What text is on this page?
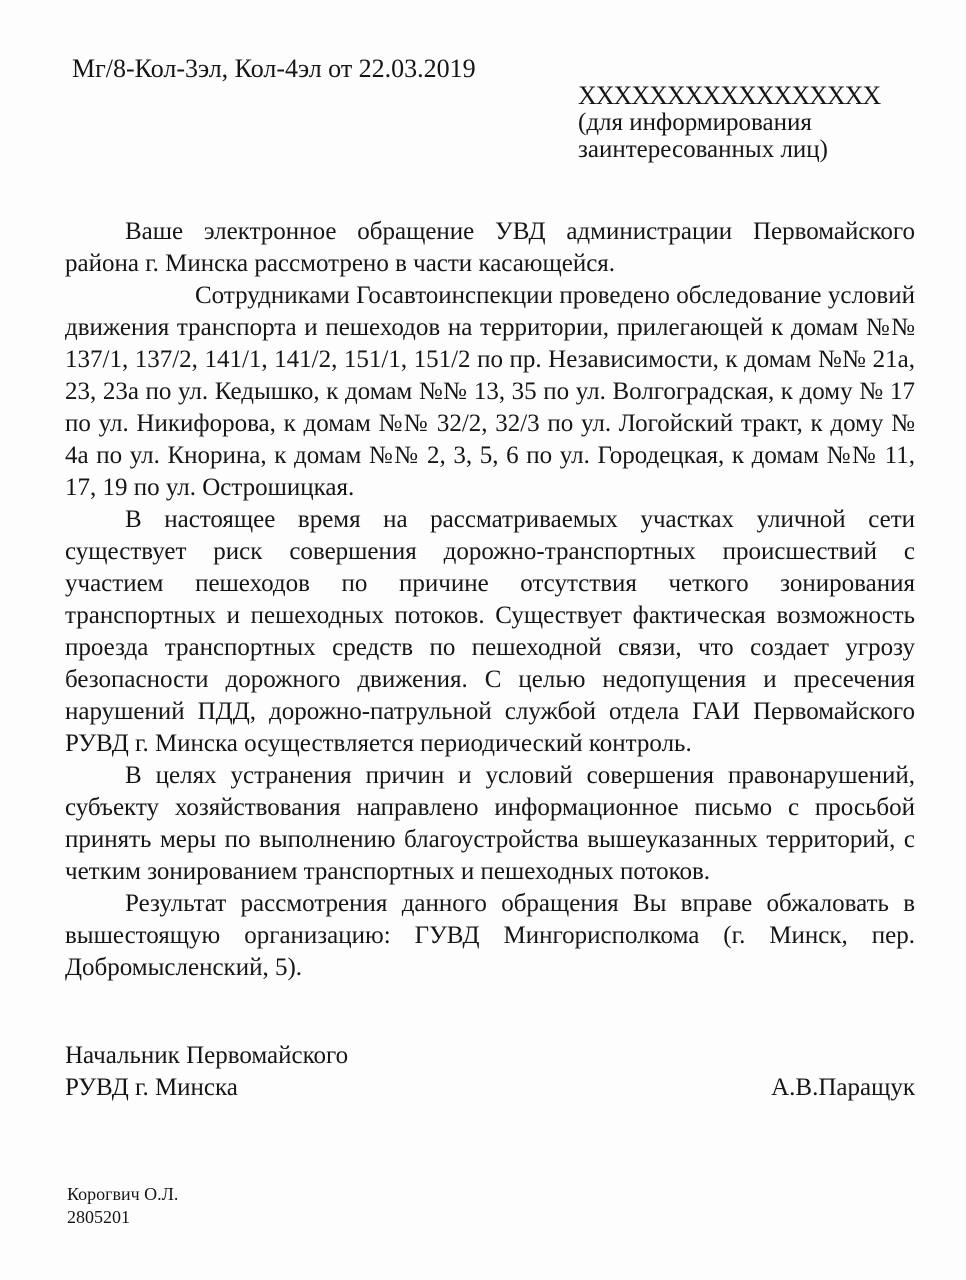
Мг/8-Кол-3эл, Кол-4эл от 22.03.2019
ХХХХХХХХХХХХХХХХХ
(для информирования
заинтересованных лиц)

Ваше электронное обращение УВД администрации Первомайского района г. Минска рассмотрено в части касающейся.

Сотрудниками Госавтоинспекции проведено обследование условий движения транспорта и пешеходов на территории, прилегающей к домам №№ 137/1, 137/2, 141/1, 141/2, 151/1, 151/2 по пр. Независимости, к домам №№ 21а, 23, 23а по ул. Кедышко, к домам №№ 13, 35 по ул. Волгоградская, к дому № 17 по ул. Никифорова, к домам №№ 32/2, 32/3 по ул. Логойский тракт, к дому № 4а по ул. Кнорина, к домам №№ 2, 3, 5, 6 по ул. Городецкая, к домам №№ 11, 17, 19 по ул. Острошицкая.

В настоящее время на рассматриваемых участках уличной сети существует риск совершения дорожно-транспортных происшествий с участием пешеходов по причине отсутствия четкого зонирования транспортных и пешеходных потоков. Существует фактическая возможность проезда транспортных средств по пешеходной связи, что создает угрозу безопасности дорожного движения. С целью недопущения и пресечения нарушений ПДД, дорожно-патрульной службой отдела ГАИ Первомайского РУВД г. Минска осуществляется периодический контроль.

В целях устранения причин и условий совершения правонарушений, субъекту хозяйствования направлено информационное письмо с просьбой принять меры по выполнению благоустройства вышеуказанных территорий, с четким зонированием транспортных и пешеходных потоков.

Результат рассмотрения данного обращения Вы вправе обжаловать в вышестоящую организацию: ГУВД Мингорисполкома (г. Минск, пер. Добромысленский, 5).

Начальник Первомайского
РУВД г. Минска	А.В.Паращук
Корогвич О.Л.
2805201
